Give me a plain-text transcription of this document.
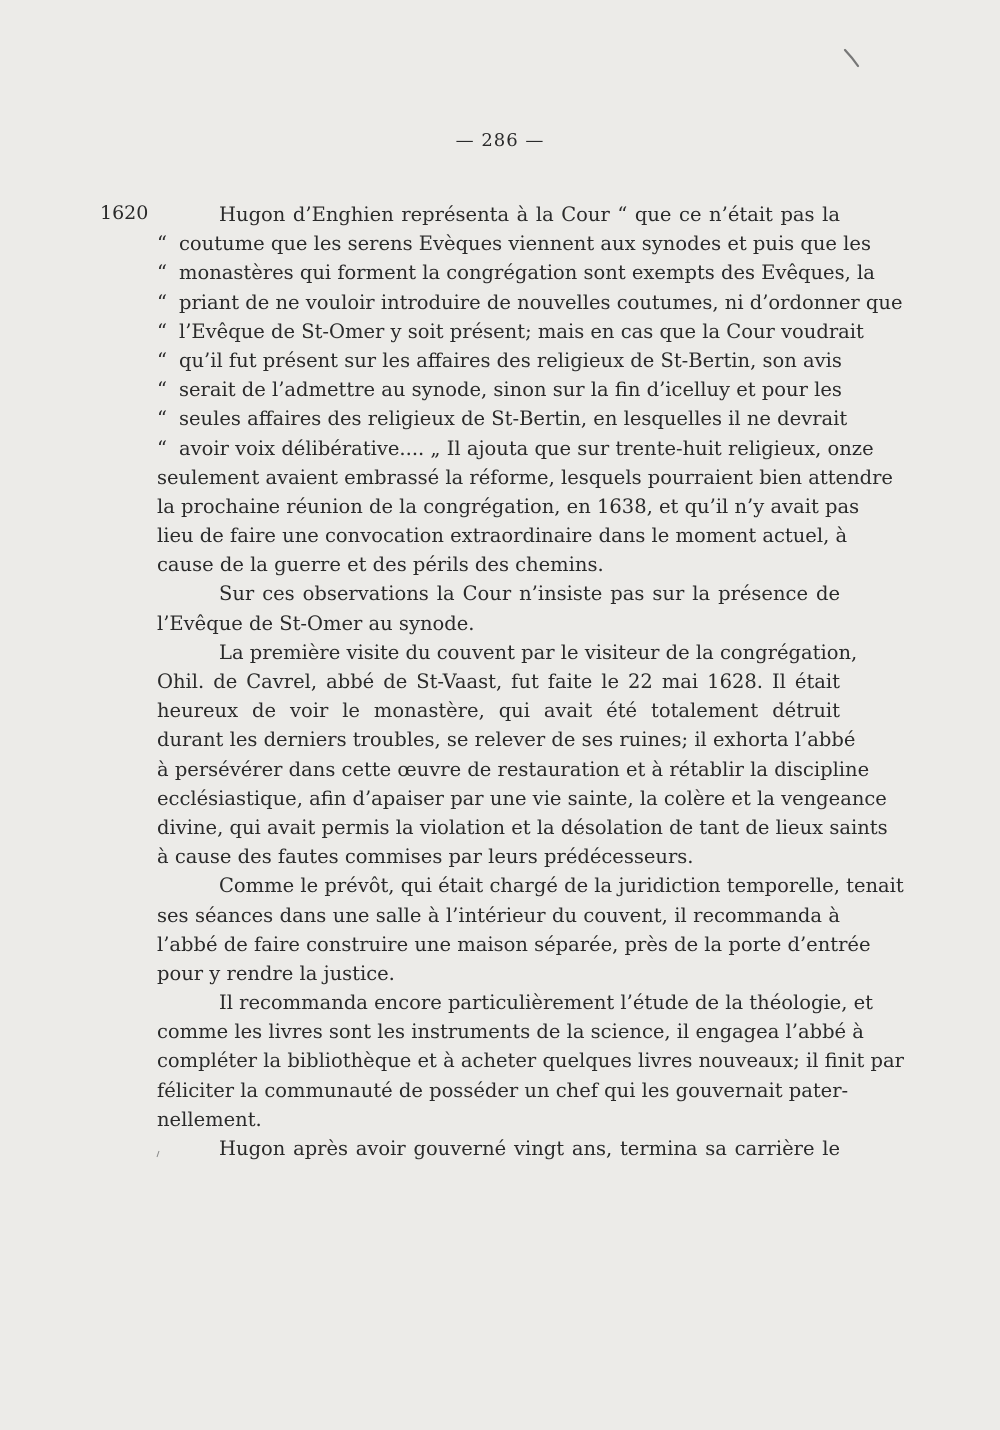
— 286 —
1620	Hugon d’Enghien représenta à la Cour “ que ce n’était pas la
“ coutume que les serens Evèques viennent aux synodes et puis que les
“ monastères qui forment la congrégation sont exempts des Evêques, la
“ priant de ne vouloir introduire de nouvelles coutumes, ni d’ordonner que
“ l’Evêque de St-Omer y soit présent; mais en cas que la Cour voudrait
“ qu’il fut présent sur les affaires des religieux de St-Bertin, son avis
“ serait de l’admettre au synode, sinon sur la fin d’icelluy et pour les
“ seules affaires des religieux de St-Bertin, en lesquelles il ne devrait
“ avoir voix délibérative.... „ Il ajouta que sur trente-huit religieux, onze
seulement avaient embrassé la réforme, lesquels pourraient bien attendre
la prochaine réunion de la congrégation, en 1638, et qu’il n’y avait pas
lieu de faire une convocation extraordinaire dans le moment actuel, à
cause de la guerre et des périls des chemins.
Sur ces observations la Cour n’insiste pas sur la présence de
l’Evêque de St-Omer au synode.
La première visite du couvent par le visiteur de la congrégation,
Ohil. de Cavrel, abbé de St-Vaast, fut faite le 22 mai 1628. Il était
heureux de voir le monastère, qui avait été totalement détruit
durant les derniers troubles, se relever de ses ruines; il exhorta l’abbé
à persévérer dans cette œuvre de restauration et à rétablir la discipline
ecclésiastique, afin d’apaiser par une vie sainte, la colère et la vengeance
divine, qui avait permis la violation et la désolation de tant de lieux saints
à cause des fautes commises par leurs prédécesseurs.
Comme le prévôt, qui était chargé de la juridiction temporelle, tenait
ses séances dans une salle à l’intérieur du couvent, il recommanda à
l’abbé de faire construire une maison séparée, près de la porte d’entrée
pour y rendre la justice.
Il recommanda encore particulièrement l’étude de la théologie, et
comme les livres sont les instruments de la science, il engagea l’abbé à
compléter la bibliothèque et à acheter quelques livres nouveaux; il finit par
féliciter la communauté de posséder un chef qui les gouvernait pater-
nellement.
Hugon après avoir gouverné vingt ans, termina sa carrière le
